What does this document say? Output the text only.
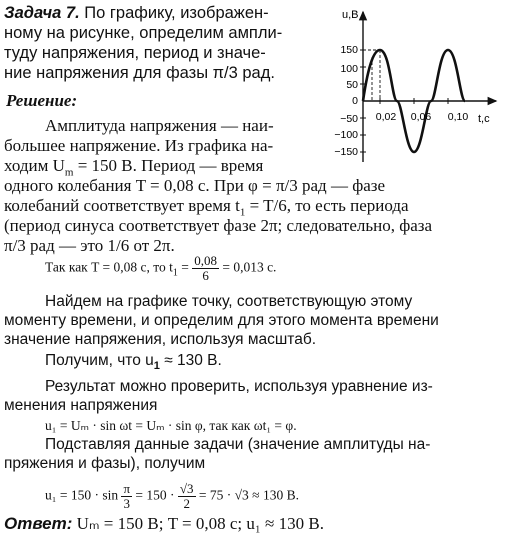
Задача 7. По графику, изображен-
ному на рисунке, определим ампли-
туду напряжения, период и значе-
ние напряжения для фазы π/3 рад.
u,B
t,c
150
100
50
0
−50
−100
−150
0,02 0,06 0,10
Решение:
Амплитуда напряжения — наи-
большее напряжение. Из графика на-
ходим $U_m = 150$ В. Период — время
одного колебания T = 0,08 с. При φ = π/3 рад — фазе
колебаний соответствует время $t_1 = T/6$, то есть периода
(период синуса соответствует фазе 2π; следовательно, фаза
π/3 рад — это 1/6 от 2π.
Так как T = 0,08 с, то $t_1 = \frac{0,08}{6} = 0,013$ с.
Найдем на графике точку, соответствующую этому
моменту времени, и определим для этого момента времени
значение напряжения, используя масштаб.
Получим, что $u_1 \approx 130$ В.
Результат можно проверить, используя уравнение из-
менения напряжения
u₁ = Uₘ · sin ωt = Uₘ · sin φ, так как ωt₁ = φ.
Подставляя данные задачи (значение амплитуды на-
пряжения и фазы), получим
$u_1 = 150 \cdot \sin \frac{\pi}{3} = 150 \cdot \frac{√3}{2} = 75 \cdot √3 \approx 130$ В.
Ответ: Uₘ = 150 В; T = 0,08 с; u₁ ≈ 130 В.
